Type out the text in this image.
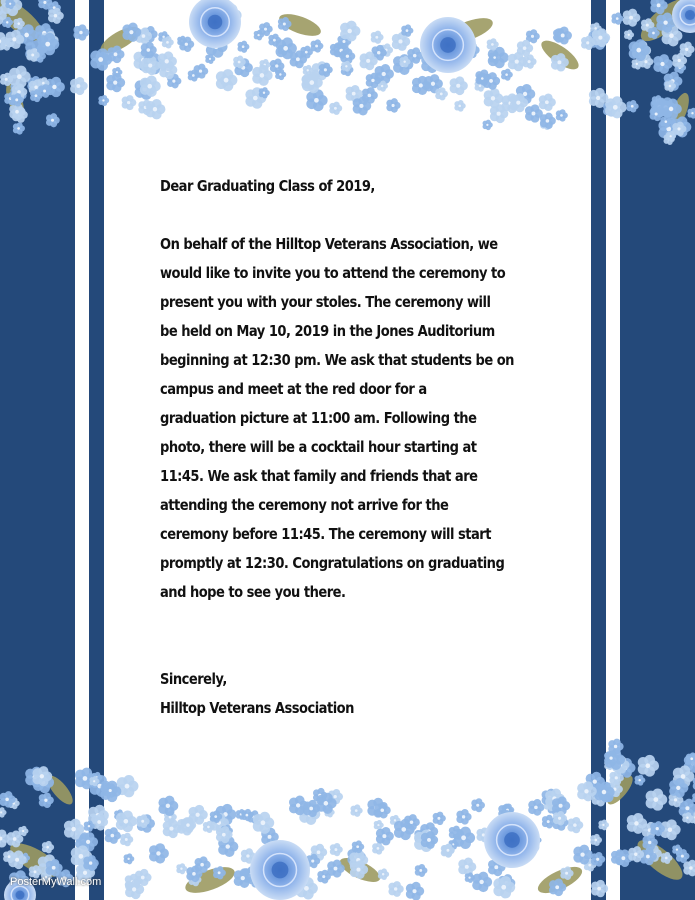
Dear Graduating Class of 2019,

On behalf of the Hilltop Veterans Association, we

would like to invite you to attend the ceremony to

present you with your stoles. The ceremony will

be held on May 10, 2019 in the Jones Auditorium

beginning at 12:30 pm. We ask that students be on

campus and meet at the red door for a

graduation picture at 11:00 am. Following the

photo, there will be a cocktail hour starting at

11:45. We ask that family and friends that are

attending the ceremony not arrive for the

ceremony before 11:45. The ceremony will start

promptly at 12:30. Congratulations on graduating

and hope to see you there.

Sincerely,

Hilltop Veterans Association

PosterMyWall.com
